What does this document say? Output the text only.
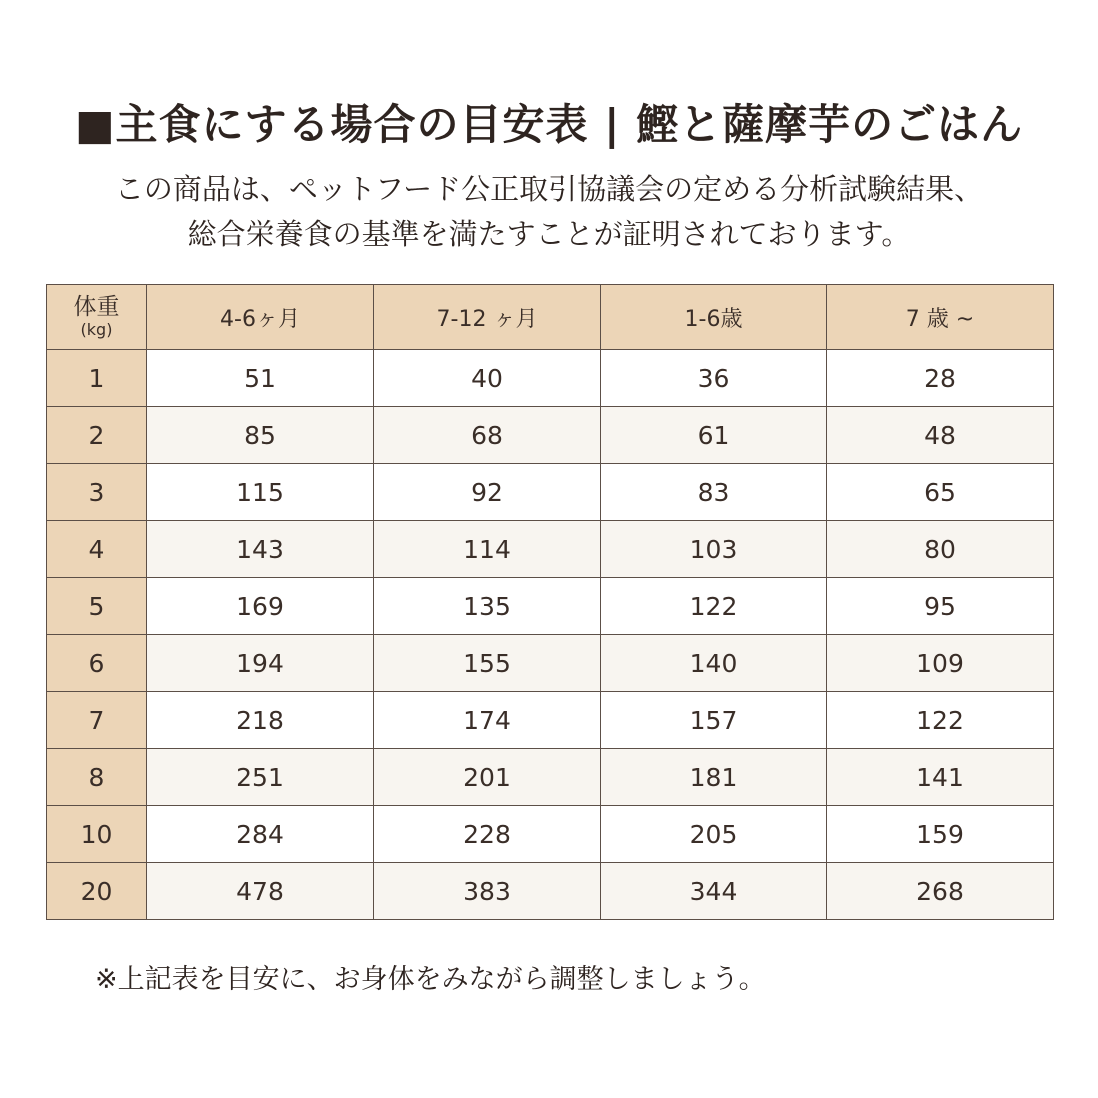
■主食にする場合の目安表 | 鰹と薩摩芋のごはん
この商品は、ペットフード公正取引協議会の定める分析試験結果、
総合栄養食の基準を満たすことが証明されております。
体重
(kg)	4-6ヶ月	7-12 ヶ月	1-6歳	7 歳 ~
1	51	40	36	28
2	85	68	61	48
3	115	92	83	65
4	143	114	103	80
5	169	135	122	95
6	194	155	140	109
7	218	174	157	122
8	251	201	181	141
10	284	228	205	159
20	478	383	344	268
※上記表を目安に、お身体をみながら調整しましょう。
